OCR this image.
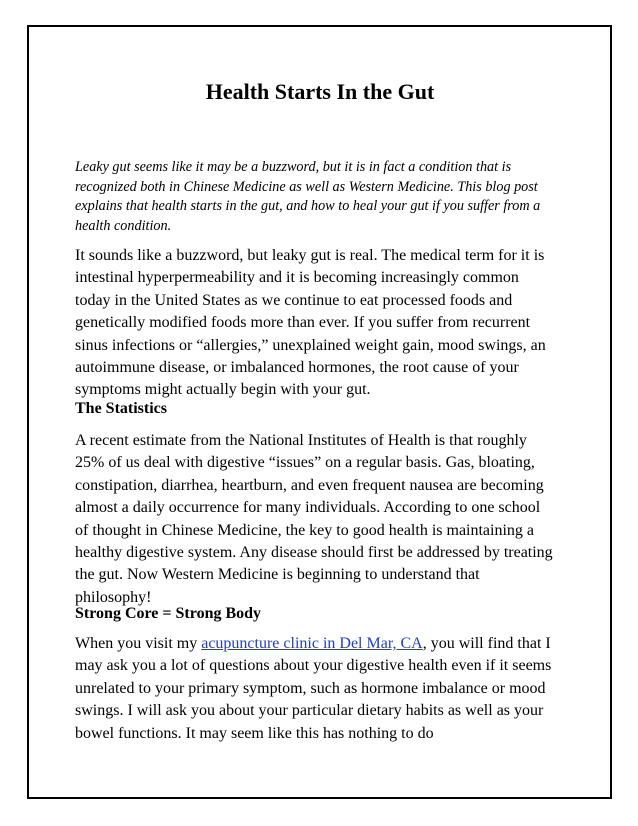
Health Starts In the Gut

Leaky gut seems like it may be a buzzword, but it is in fact a condition that is recognized both in Chinese Medicine as well as Western Medicine. This blog post explains that health starts in the gut, and how to heal your gut if you suffer from a health condition.

It sounds like a buzzword, but leaky gut is real. The medical term for it is intestinal hyperpermeability and it is becoming increasingly common today in the United States as we continue to eat processed foods and genetically modified foods more than ever. If you suffer from recurrent sinus infections or “allergies,” unexplained weight gain, mood swings, an autoimmune disease, or imbalanced hormones, the root cause of your symptoms might actually begin with your gut.

The Statistics

A recent estimate from the National Institutes of Health is that roughly 25% of us deal with digestive “issues” on a regular basis. Gas, bloating, constipation, diarrhea, heartburn, and even frequent nausea are becoming almost a daily occurrence for many individuals. According to one school of thought in Chinese Medicine, the key to good health is maintaining a healthy digestive system. Any disease should first be addressed by treating the gut. Now Western Medicine is beginning to understand that philosophy!

Strong Core = Strong Body

When you visit my acupuncture clinic in Del Mar, CA, you will find that I may ask you a lot of questions about your digestive health even if it seems unrelated to your primary symptom, such as hormone imbalance or mood swings. I will ask you about your particular dietary habits as well as your bowel functions. It may seem like this has nothing to do
